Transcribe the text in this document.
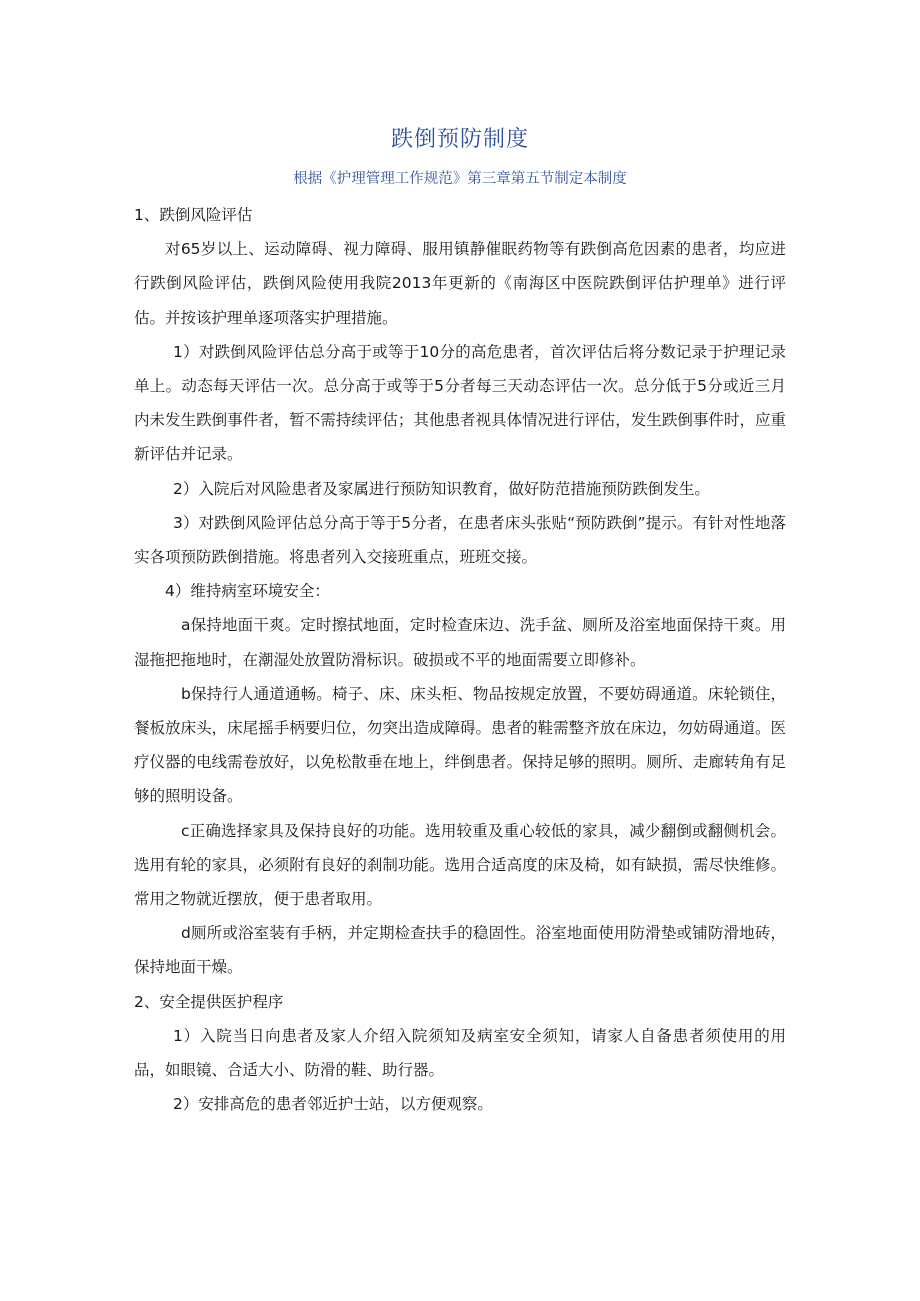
跌倒预防制度

根据《护理管理工作规范》第三章第五节制定本制度

1、跌倒风险评估

对65岁以上、运动障碍、视力障碍、服用镇静催眠药物等有跌倒高危因素的患者，均应进行跌倒风险评估，跌倒风险使用我院2013年更新的《南海区中医院跌倒评估护理单》进行评估。并按该护理单逐项落实护理措施。

1）对跌倒风险评估总分高于或等于10分的高危患者，首次评估后将分数记录于护理记录单上。动态每天评估一次。总分高于或等于5分者每三天动态评估一次。总分低于5分或近三月内未发生跌倒事件者，暂不需持续评估；其他患者视具体情况进行评估，发生跌倒事件时，应重新评估并记录。

2）入院后对风险患者及家属进行预防知识教育，做好防范措施预防跌倒发生。

3）对跌倒风险评估总分高于等于5分者，在患者床头张贴“预防跌倒”提示。有针对性地落实各项预防跌倒措施。将患者列入交接班重点，班班交接。

4）维持病室环境安全：

a保持地面干爽。定时擦拭地面，定时检查床边、洗手盆、厕所及浴室地面保持干爽。用湿拖把拖地时，在潮湿处放置防滑标识。破损或不平的地面需要立即修补。

b保持行人通道通畅。椅子、床、床头柜、物品按规定放置，不要妨碍通道。床轮锁住，餐板放床头，床尾摇手柄要归位，勿突出造成障碍。患者的鞋需整齐放在床边，勿妨碍通道。医疗仪器的电线需卷放好，以免松散垂在地上，绊倒患者。保持足够的照明。厕所、走廊转角有足够的照明设备。

c正确选择家具及保持良好的功能。选用较重及重心较低的家具，减少翻倒或翻侧机会。选用有轮的家具，必须附有良好的刹制功能。选用合适高度的床及椅，如有缺损，需尽快维修。常用之物就近摆放，便于患者取用。

d厕所或浴室装有手柄，并定期检查扶手的稳固性。浴室地面使用防滑垫或铺防滑地砖，保持地面干燥。

2、安全提供医护程序

1）入院当日向患者及家人介绍入院须知及病室安全须知，请家人自备患者须使用的用品，如眼镜、合适大小、防滑的鞋、助行器。

2）安排高危的患者邻近护士站，以方便观察。
